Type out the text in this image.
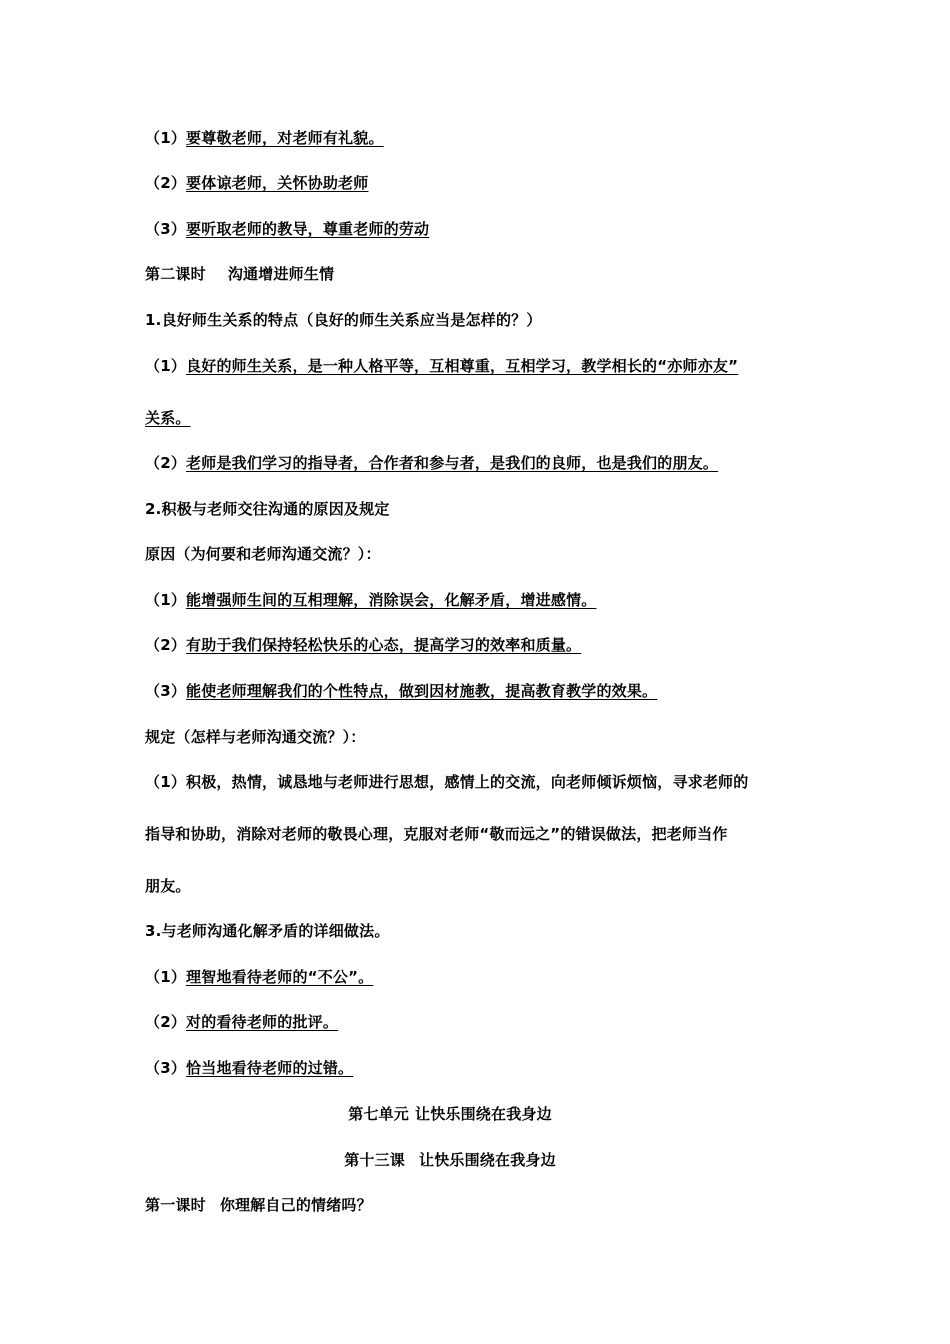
（1）要尊敬老师，对老师有礼貌。
（2）要体谅老师，关怀协助老师
（3）要听取老师的教导，尊重老师的劳动
第二课时 沟通增进师生情
1.良好师生关系的特点（良好的师生关系应当是怎样的？）
（1）良好的师生关系，是一种人格平等，互相尊重，互相学习，教学相长的“亦师亦友”
关系。
（2）老师是我们学习的指导者，合作者和参与者，是我们的良师，也是我们的朋友。
2.积极与老师交往沟通的原因及规定
原因（为何要和老师沟通交流？）：
（1）能增强师生间的互相理解，消除误会，化解矛盾，增进感情。
（2）有助于我们保持轻松快乐的心态，提高学习的效率和质量。
（3）能使老师理解我们的个性特点，做到因材施教，提高教育教学的效果。
规定（怎样与老师沟通交流？）：
（1）积极，热情，诚恳地与老师进行思想，感情上的交流，向老师倾诉烦恼，寻求老师的
指导和协助，消除对老师的敬畏心理，克服对老师“敬而远之”的错误做法，把老师当作
朋友。
3.与老师沟通化解矛盾的详细做法。
（1）理智地看待老师的“不公”。
（2）对的看待老师的批评。
（3）恰当地看待老师的过错。
第七单元 让快乐围绕在我身边
第十三课 让快乐围绕在我身边
第一课时 你理解自己的情绪吗？
